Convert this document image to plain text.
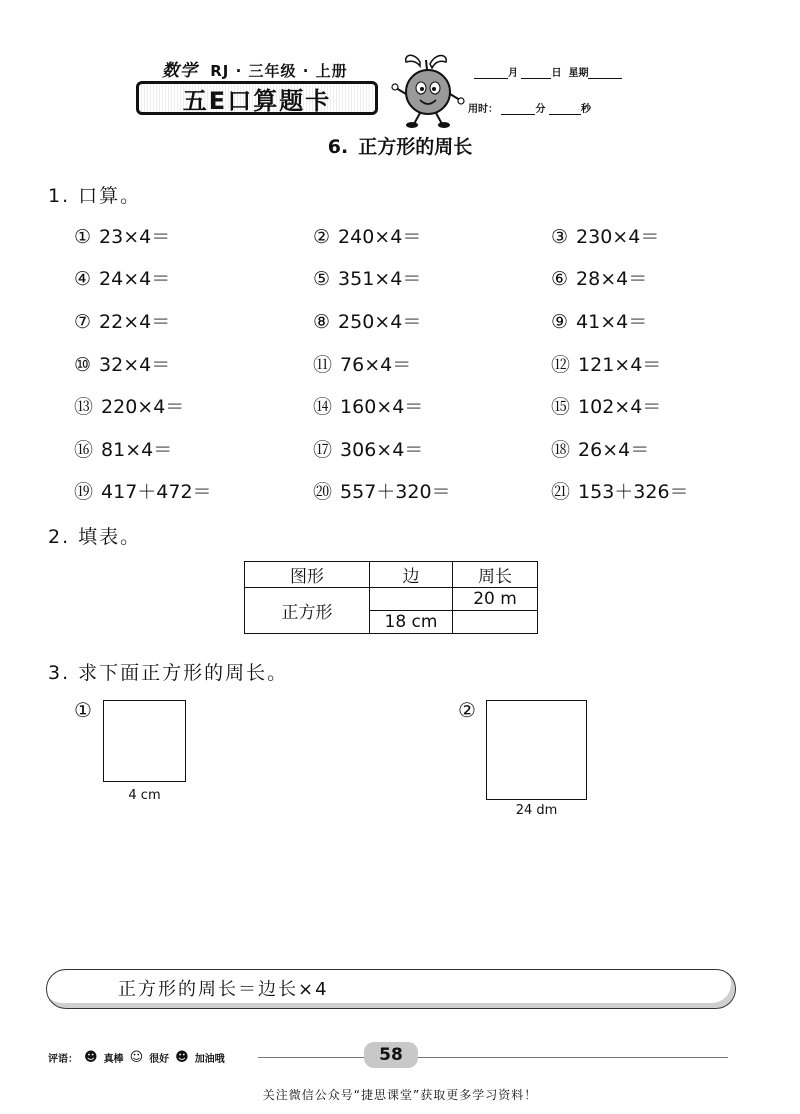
数学 RJ · 三年级 · 上册
五E口算题卡
月	日 星期
用时：	分	秒
6. 正方形的周长
1. 口算。
① 23×4＝	② 240×4＝	③ 230×4＝
④ 24×4＝	⑤ 351×4＝	⑥ 28×4＝
⑦ 22×4＝	⑧ 250×4＝	⑨ 41×4＝
⑩ 32×4＝	⑪ 76×4＝	⑫ 121×4＝
⑬ 220×4＝	⑭ 160×4＝	⑮ 102×4＝
⑯ 81×4＝	⑰ 306×4＝	⑱ 26×4＝
⑲ 417＋472＝	⑳ 557＋320＝	㉑ 153＋326＝
2. 填表。
图形	边	周长
正方形		20 m
	18 cm	
3. 求下面正方形的周长。
①
4 cm
②
24 dm
正方形的周长＝边长×4
评语： ☻ 真棒 ☺ 很好 ☻ 加油哦	58
关注微信公众号“捷思课堂”获取更多学习资料！
